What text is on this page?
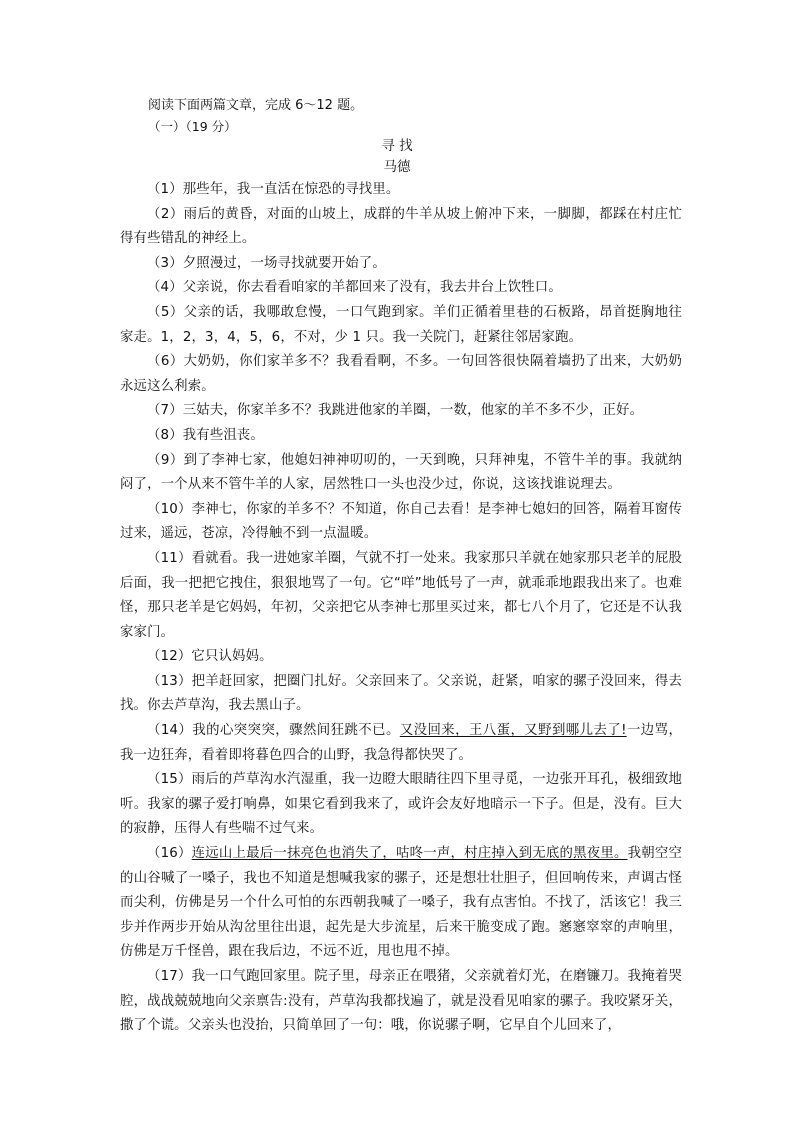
阅读下面两篇文章，完成 6～12 题。
（一）（19 分）
寻 找
马德

（1）那些年，我一直活在惊恐的寻找里。

（2）雨后的黄昏，对面的山坡上，成群的牛羊从坡上俯冲下来，一脚脚，都踩在村庄忙得有些错乱的神经上。

（3）夕照漫过，一场寻找就要开始了。

（4）父亲说，你去看看咱家的羊都回来了没有，我去井台上饮牲口。

（5）父亲的话，我哪敢怠慢，一口气跑到家。羊们正循着里巷的石板路，昂首挺胸地往家走。1，2，3，4，5，6，不对，少 1 只。我一关院门，赶紧往邻居家跑。

（6）大奶奶，你们家羊多不？我看看啊，不多。一句回答很快隔着墙扔了出来，大奶奶永远这么利索。

（7）三姑夫，你家羊多不？我跳进他家的羊圈，一数，他家的羊不多不少，正好。

（8）我有些沮丧。

（9）到了李神七家，他媳妇神神叨叨的，一天到晚，只拜神鬼，不管牛羊的事。我就纳闷了，一个从来不管牛羊的人家，居然牲口一头也没少过，你说，这该找谁说理去。

（10）李神七，你家的羊多不？不知道，你自己去看！是李神七媳妇的回答，隔着耳窗传过来，遥远，苍凉，冷得触不到一点温暖。

（11）看就看。我一进她家羊圈，气就不打一处来。我家那只羊就在她家那只老羊的屁股后面，我一把把它拽住，狠狠地骂了一句。它“咩”地低号了一声，就乖乖地跟我出来了。也难怪，那只老羊是它妈妈，年初，父亲把它从李神七那里买过来，都七八个月了，它还是不认我家家门。

（12）它只认妈妈。

（13）把羊赶回家，把圈门扎好。父亲回来了。父亲说，赶紧，咱家的骡子没回来，得去找。你去芦草沟，我去黑山子。

（14）我的心突突突，骤然间狂跳不已。又没回来，王八蛋，又野到哪儿去了!一边骂，我一边狂奔，看着即将暮色四合的山野，我急得都快哭了。

（15）雨后的芦草沟水汽湿重，我一边瞪大眼睛往四下里寻觅，一边张开耳孔，极细致地听。我家的骡子爱打响鼻，如果它看到我来了，或许会友好地暗示一下子。但是，没有。巨大的寂静，压得人有些喘不过气来。

（16）连远山上最后一抹亮色也消失了，咕咚一声，村庄掉入到无底的黑夜里。我朝空空的山谷喊了一嗓子，我也不知道是想喊我家的骡子，还是想壮壮胆子，但回响传来，声调古怪而尖利，仿佛是另一个什么可怕的东西朝我喊了一嗓子，我有点害怕。不找了，活该它！我三步并作两步开始从沟岔里往出退，起先是大步流星，后来干脆变成了跑。窸窸窣窣的声响里，仿佛是万千怪兽，跟在我后边，不远不近，甩也甩不掉。

（17）我一口气跑回家里。院子里，母亲正在喂猪，父亲就着灯光，在磨镰刀。我掩着哭腔，战战兢兢地向父亲禀告:没有，芦草沟我都找遍了，就是没看见咱家的骡子。我咬紧牙关，撒了个谎。父亲头也没抬，只简单回了一句：哦，你说骡子啊，它早自个儿回来了，
